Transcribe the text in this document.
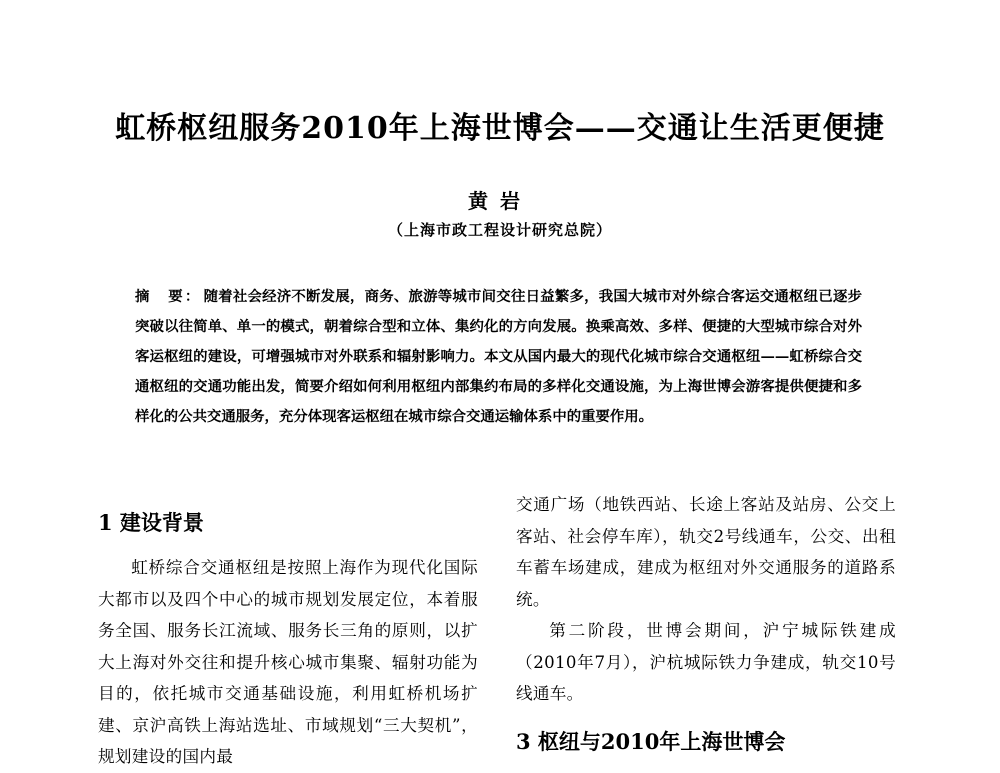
虹桥枢纽服务2010年上海世博会——交通让生活更便捷
黄岩
（上海市政工程设计研究总院）
摘　要： 随着社会经济不断发展，商务、旅游等城市间交往日益繁多，我国大城市对外综合客运交通枢纽已逐步突破以往简单、单一的模式，朝着综合型和立体、集约化的方向发展。换乘高效、多样、便捷的大型城市综合对外客运枢纽的建设，可增强城市对外联系和辐射影响力。本文从国内最大的现代化城市综合交通枢纽——虹桥综合交通枢纽的交通功能出发，简要介绍如何利用枢纽内部集约布局的多样化交通设施，为上海世博会游客提供便捷和多样化的公共交通服务，充分体现客运枢纽在城市综合交通运输体系中的重要作用。
1 建设背景

虹桥综合交通枢纽是按照上海作为现代化国际大都市以及四个中心的城市规划发展定位，本着服务全国、服务长江流域、服务长三角的原则，以扩大上海对外交往和提升核心城市集聚、辐射功能为目的，依托城市交通基础设施，利用虹桥机场扩建、京沪高铁上海站选址、市域规划“三大契机”，规划建设的国内最

交通广场（地铁西站、长途上客站及站房、公交上客站、社会停车库），轨交2号线通车，公交、出租车蓄车场建成，建成为枢纽对外交通服务的道路系统。

第二阶段，世博会期间，沪宁城际铁建成（2010年7月），沪杭城际铁力争建成，轨交10号线通车。

3 枢纽与2010年上海世博会
